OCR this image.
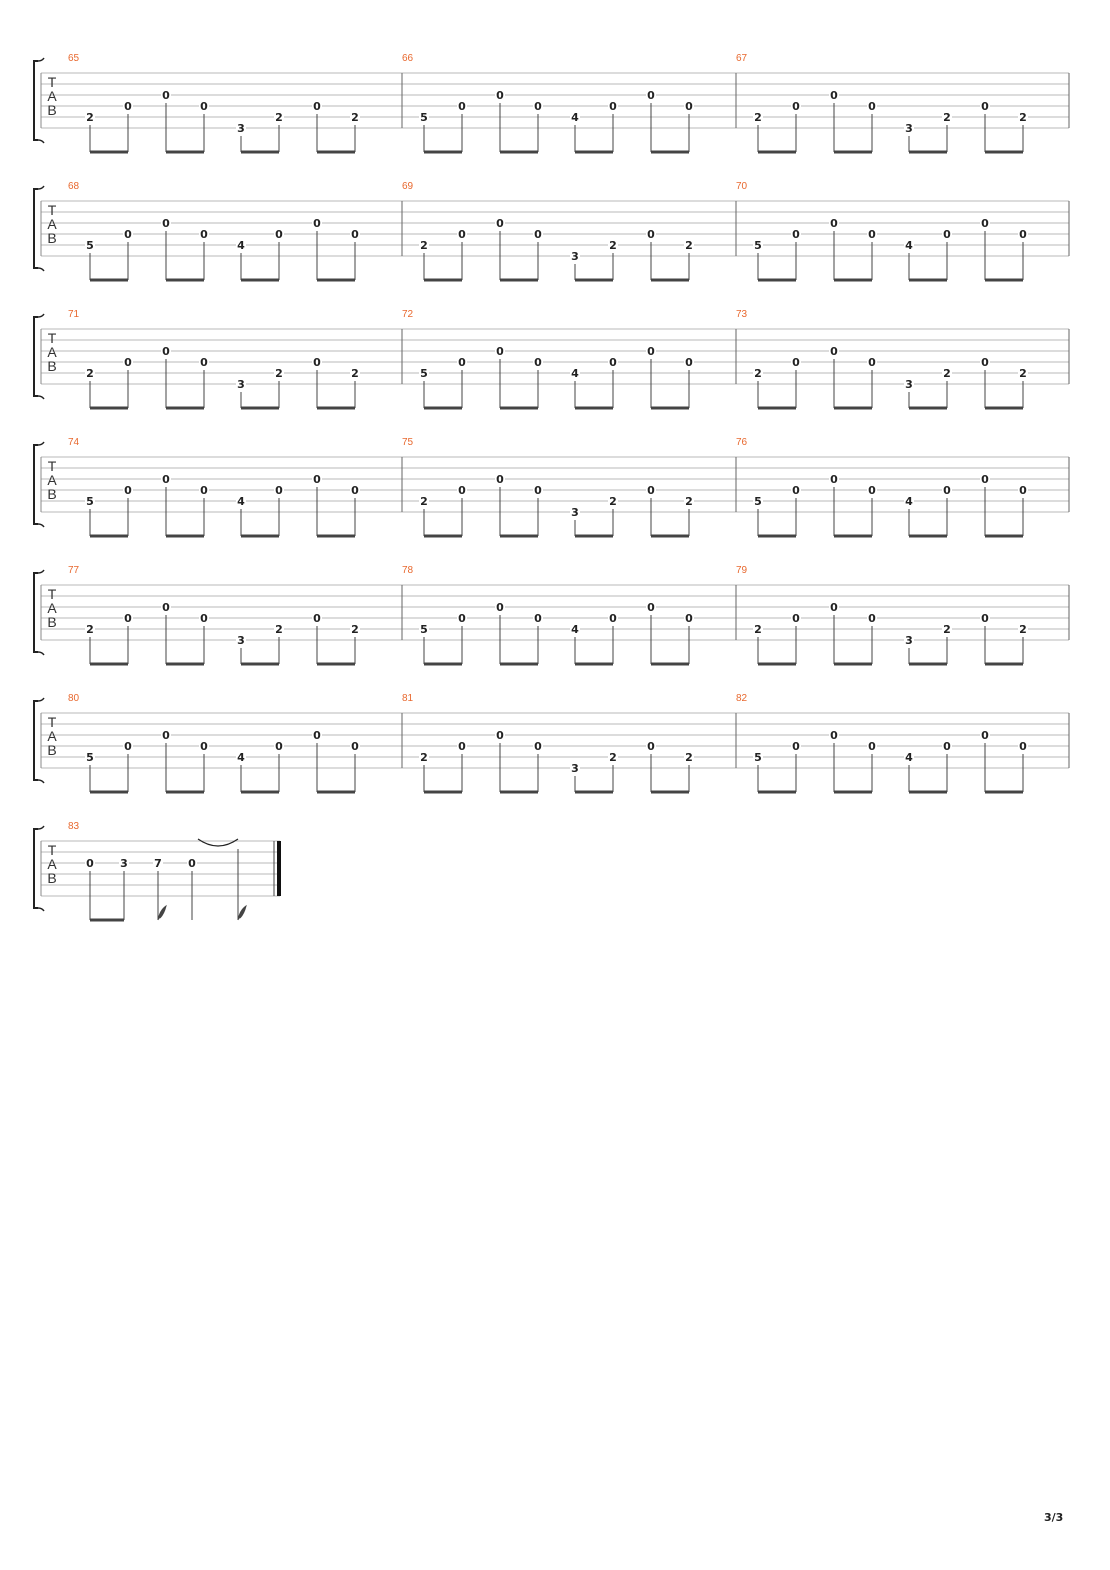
T
A
B
65
2
0
0
0
3
2
0
2
66
5
0
0
0
4
0
0
0
67
2
0
0
0
3
2
0
2
T
A
B
68
5
0
0
0
4
0
0
0
69
2
0
0
0
3
2
0
2
70
5
0
0
0
4
0
0
0
T
A
B
71
2
0
0
0
3
2
0
2
72
5
0
0
0
4
0
0
0
73
2
0
0
0
3
2
0
2
T
A
B
74
5
0
0
0
4
0
0
0
75
2
0
0
0
3
2
0
2
76
5
0
0
0
4
0
0
0
T
A
B
77
2
0
0
0
3
2
0
2
78
5
0
0
0
4
0
0
0
79
2
0
0
0
3
2
0
2
T
A
B
80
5
0
0
0
4
0
0
0
81
2
0
0
0
3
2
0
2
82
5
0
0
0
4
0
0
0
T
A
B
83
0 3 7 0
3/3
